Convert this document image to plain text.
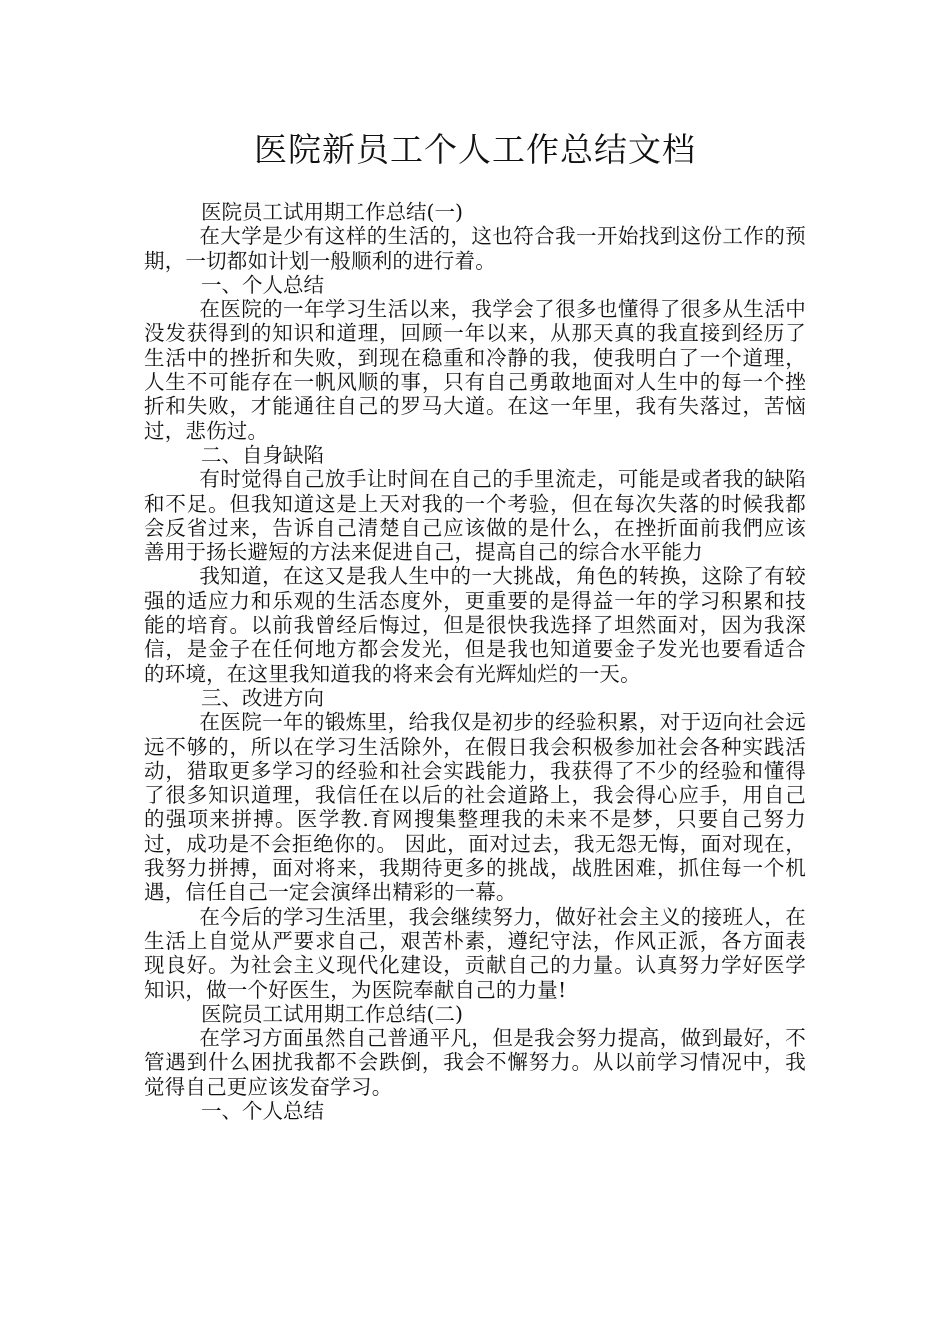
医院新员工个人工作总结文档
医院员工试用期工作总结(一)

在大学是少有这样的生活的，这也符合我一开始找到这份工作的预期，一切都如计划一般顺利的进行着。

一、个人总结

在医院的一年学习生活以来，我学会了很多也懂得了很多从生活中没发获得到的知识和道理，回顾一年以来，从那天真的我直接到经历了生活中的挫折和失败，到现在稳重和冷静的我，使我明白了一个道理，人生不可能存在一帆风顺的事，只有自己勇敢地面对人生中的每一个挫折和失败，才能通往自己的罗马大道。在这一年里，我有失落过，苦恼过，悲伤过。

二、自身缺陷

有时觉得自己放手让时间在自己的手里流走，可能是或者我的缺陷和不足。但我知道这是上天对我的一个考验，但在每次失落的时候我都会反省过来，告诉自己清楚自己应该做的是什么，在挫折面前我們应该善用于扬长避短的方法来促进自己，提高自己的综合水平能力

我知道，在这又是我人生中的一大挑战，角色的转换，这除了有较强的适应力和乐观的生活态度外，更重要的是得益一年的学习积累和技能的培育。以前我曾经后悔过，但是很快我选择了坦然面对，因为我深信，是金子在任何地方都会发光，但是我也知道要金子发光也要看适合的环境，在这里我知道我的将来会有光辉灿烂的一天。

三、改进方向

在医院一年的锻炼里，给我仅是初步的经验积累，对于迈向社会远远不够的，所以在学习生活除外，在假日我会积极参加社会各种实践活动，猎取更多学习的经验和社会实践能力，我获得了不少的经验和懂得了很多知识道理，我信任在以后的社会道路上，我会得心应手，用自己的强项来拼搏。医学教.育网搜集整理我的未来不是梦，只要自己努力过，成功是不会拒绝你的。 因此，面对过去，我无怨无悔，面对现在，我努力拼搏，面对将来，我期待更多的挑战，战胜困难，抓住每一个机遇，信任自己一定会演绎出精彩的一幕。

在今后的学习生活里，我会继续努力，做好社会主义的接班人，在生活上自觉从严要求自己，艰苦朴素，遵纪守法，作风正派，各方面表现良好。为社会主义现代化建设，贡献自己的力量。认真努力学好医学知识，做一个好医生，为医院奉献自己的力量!

医院员工试用期工作总结(二)

在学习方面虽然自己普通平凡，但是我会努力提高，做到最好，不管遇到什么困扰我都不会跌倒，我会不懈努力。从以前学习情况中，我觉得自己更应该发奋学习。

一、个人总结
